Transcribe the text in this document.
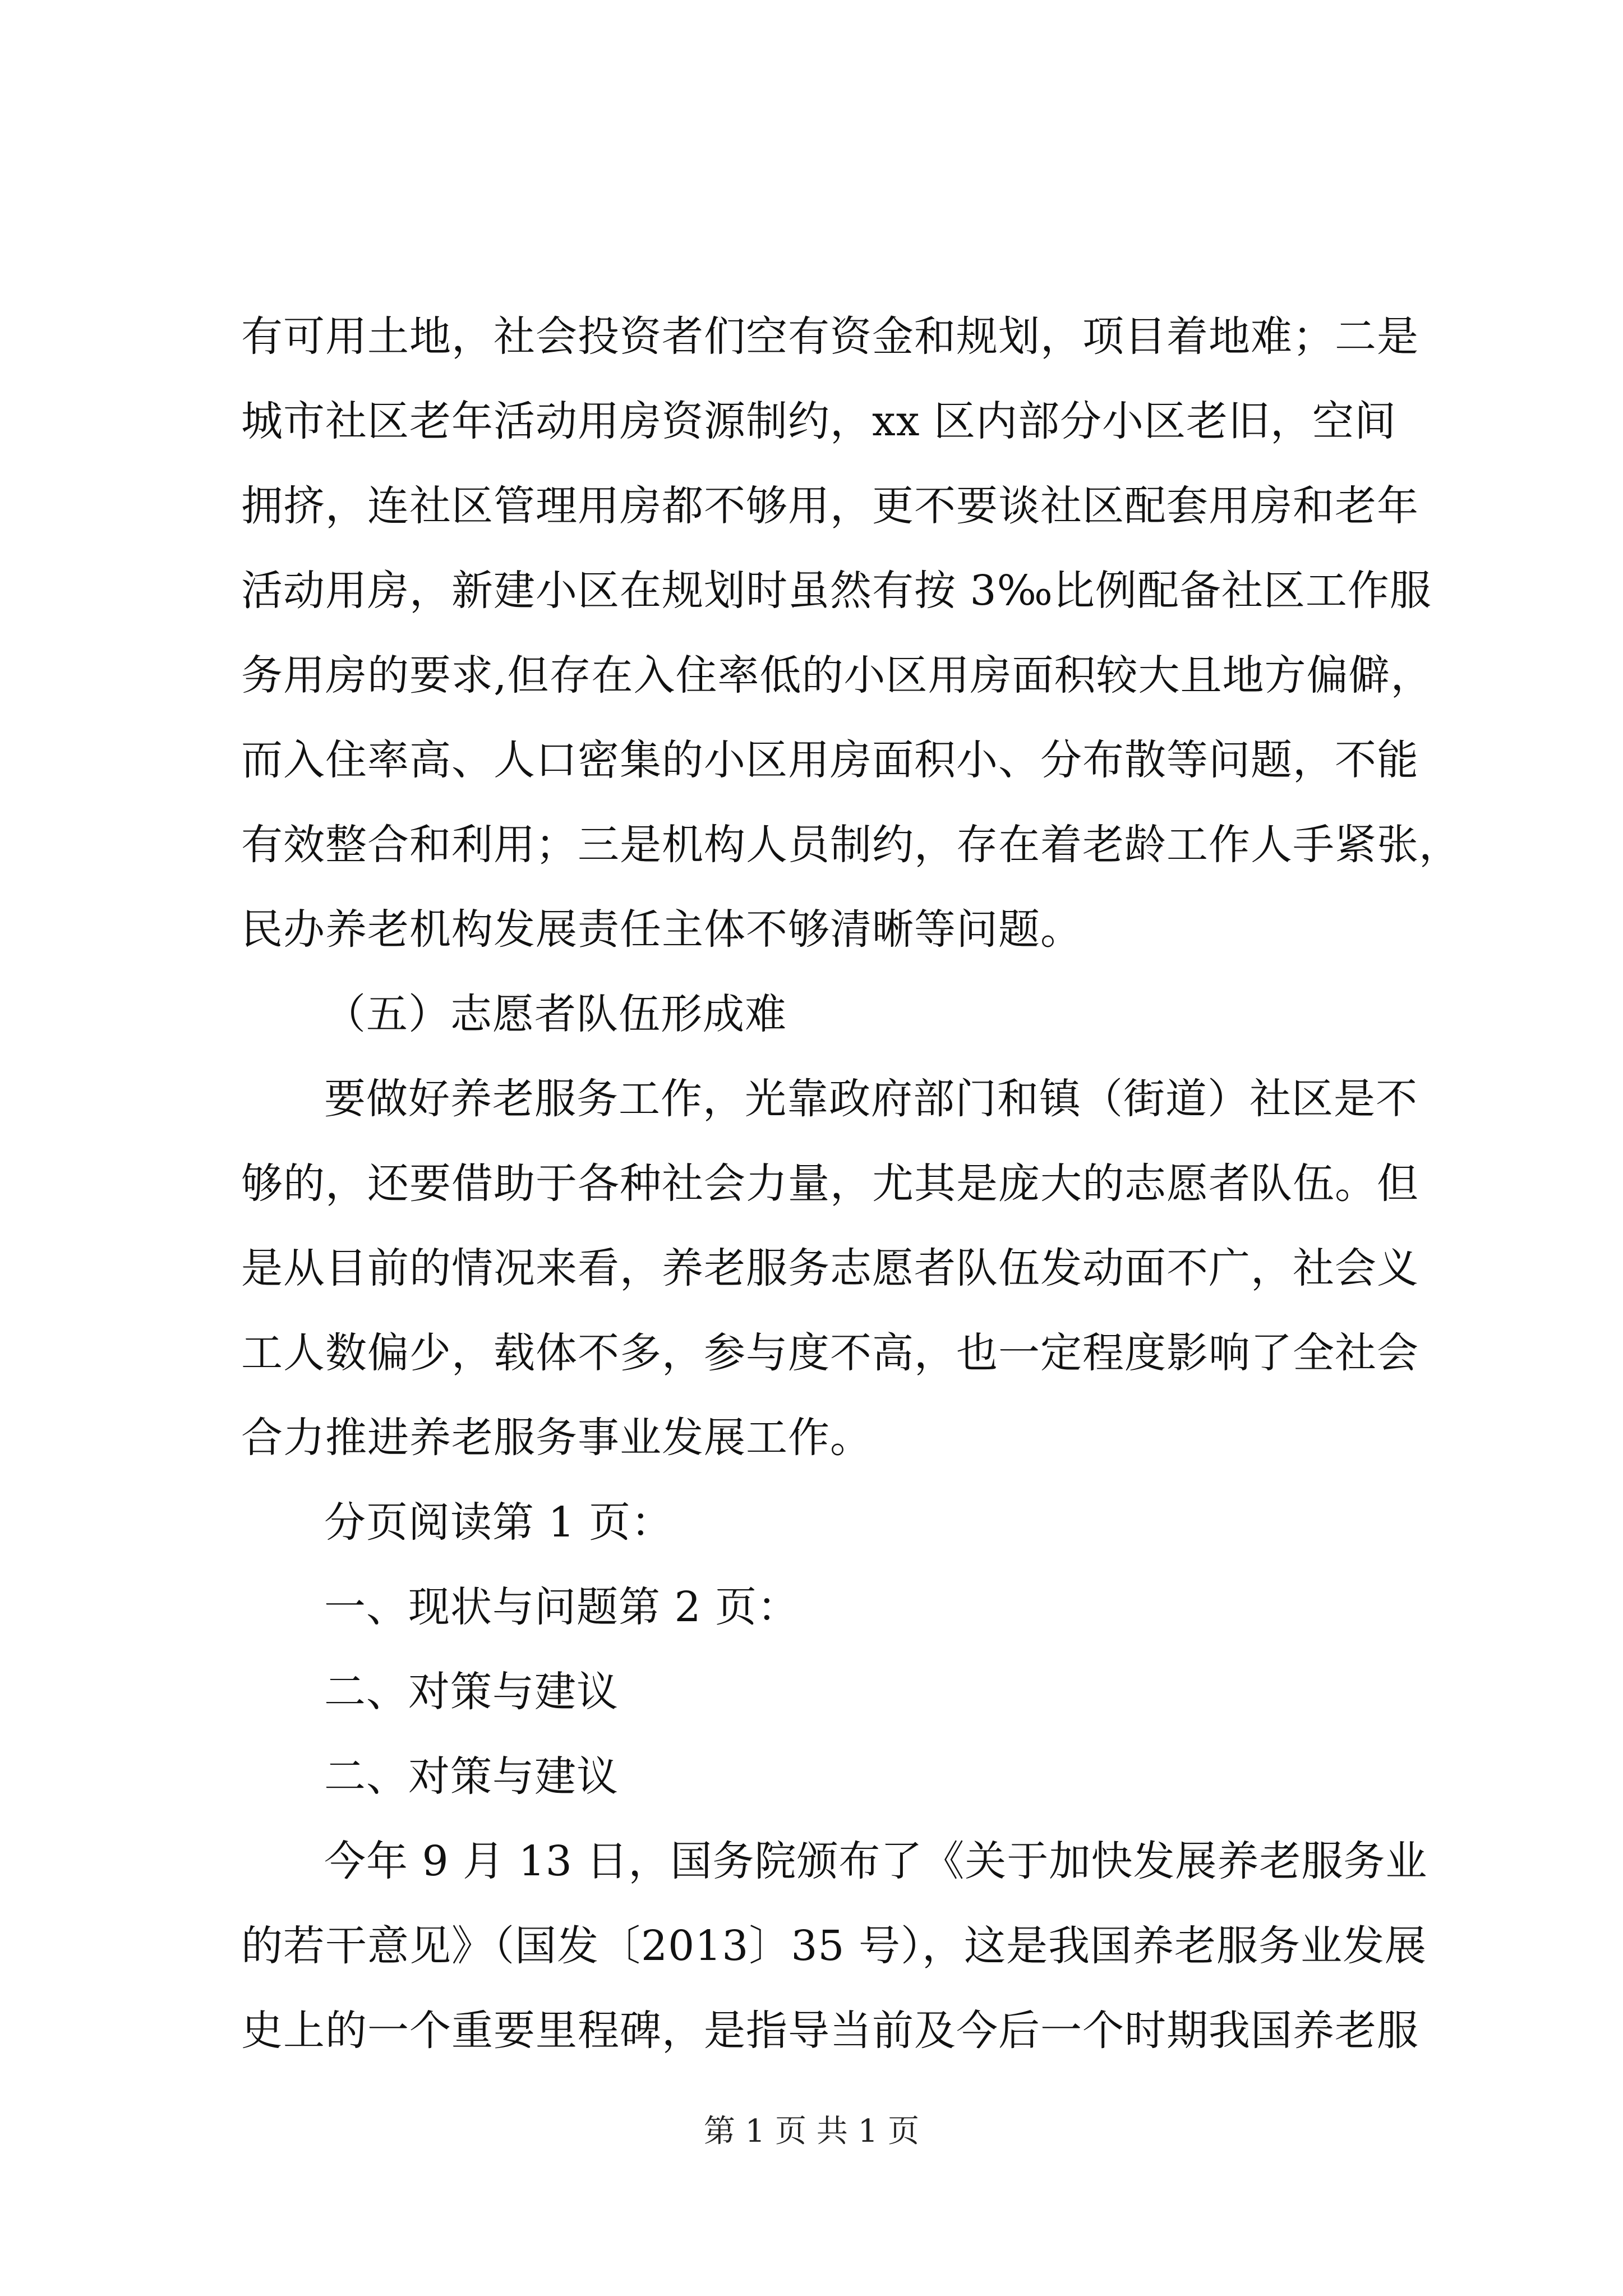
有可用土地，社会投资者们空有资金和规划，项目着地难；二是
城市社区老年活动用房资源制约，xx 区内部分小区老旧，空间
拥挤，连社区管理用房都不够用，更不要谈社区配套用房和老年
活动用房，新建小区在规划时虽然有按 3‰比例配备社区工作服
务用房的要求,但存在入住率低的小区用房面积较大且地方偏僻，
而入住率高、人口密集的小区用房面积小、分布散等问题，不能
有效整合和利用；三是机构人员制约，存在着老龄工作人手紧张，
民办养老机构发展责任主体不够清晰等问题。
（五）志愿者队伍形成难
要做好养老服务工作，光靠政府部门和镇（街道）社区是不
够的，还要借助于各种社会力量，尤其是庞大的志愿者队伍。但
是从目前的情况来看，养老服务志愿者队伍发动面不广，社会义
工人数偏少，载体不多，参与度不高，也一定程度影响了全社会
合力推进养老服务事业发展工作。
分页阅读第 1 页：
一、现状与问题第 2 页：
二、对策与建议
二、对策与建议
今年 9 月 13 日，国务院颁布了《关于加快发展养老服务业
的若干意见》（国发〔2013〕35 号），这是我国养老服务业发展
史上的一个重要里程碑，是指导当前及今后一个时期我国养老服
第 1 页 共 1 页
